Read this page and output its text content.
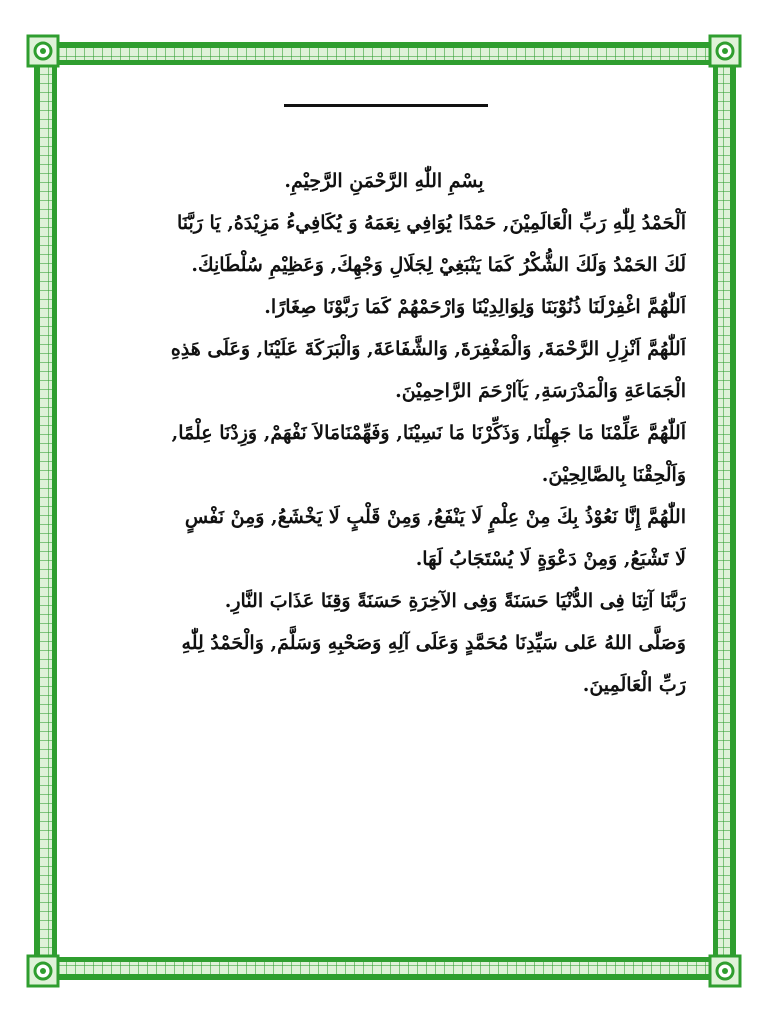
بِسْمِ اللّٰهِ الرَّحْمَنِ الرَّحِيْمِ.
اَلْحَمْدُ لِلّٰهِ رَبِّ الْعَالَمِيْنَ, حَمْدًا يُوَافِي نِعَمَهُ وَ يُكَافِيءُ مَزِيْدَهُ, يَا رَبَّنَا
لَكَ الحَمْدُ وَلَكَ الشُّكْرُ كَمَا يَنْبَغِيْ لِجَلَالِ وَجْهِكَ, وَعَظِيْمِ سُلْطَانِكَ.
اَللّٰهُمَّ اغْفِرْلَنَا ذُنُوْبَنَا وَلِوَالِدِيْنَا وَارْحَمْهُمْ كَمَا رَبَّوْنَا صِغَارًا.
اَللّٰهُمَّ اَنْزِلِ الرَّحْمَةَ, وَالْمَغْفِرَةَ, وَالشَّفَاعَةَ, وَالْبَرَكَةَ عَلَيْنَا, وَعَلَى هَذِهِ
الْجَمَاعَةِ وَالْمَدْرَسَةِ, يَآارْحَمَ الرَّاحِمِيْنَ.
اَللّٰهُمَّ عَلِّمْنَا مَا جَهِلْنَا, وَذَكِّرْنَا مَا نَسِيْنَا, وَفَهِّمْنَامَالاَ نَفْهَمْ, وَزِدْنَا عِلْمًا,
وَاَلْحِقْنَا بِالصَّالِحِيْنَ.
اللّٰهُمَّ إِنَّا نَعُوْذُ بِكَ مِنْ عِلْمٍ لَا يَنْفَعُ, وَمِنْ قَلْبٍ لَا يَخْشَعُ, وَمِنْ نَفْسٍ
لَا تَشْبَعُ, وَمِنْ دَعْوَةٍ لَا يُسْتَجَابُ لَهَا.
رَبَّنَا آتِنَا فِى الدُّنْيَا حَسَنَةً وَفِى الآخِرَةِ حَسَنَةً وَقِنَا عَذَابَ النَّارِ.
وَصَلَّى اللهُ عَلى سَيِّدِنَا مُحَمَّدٍ وَعَلَى آلِهِ وَصَحْبِهِ وَسَلَّمَ, وَالْحَمْدُ لِلّٰهِ
رَبِّ الْعَالَمِينَ.
